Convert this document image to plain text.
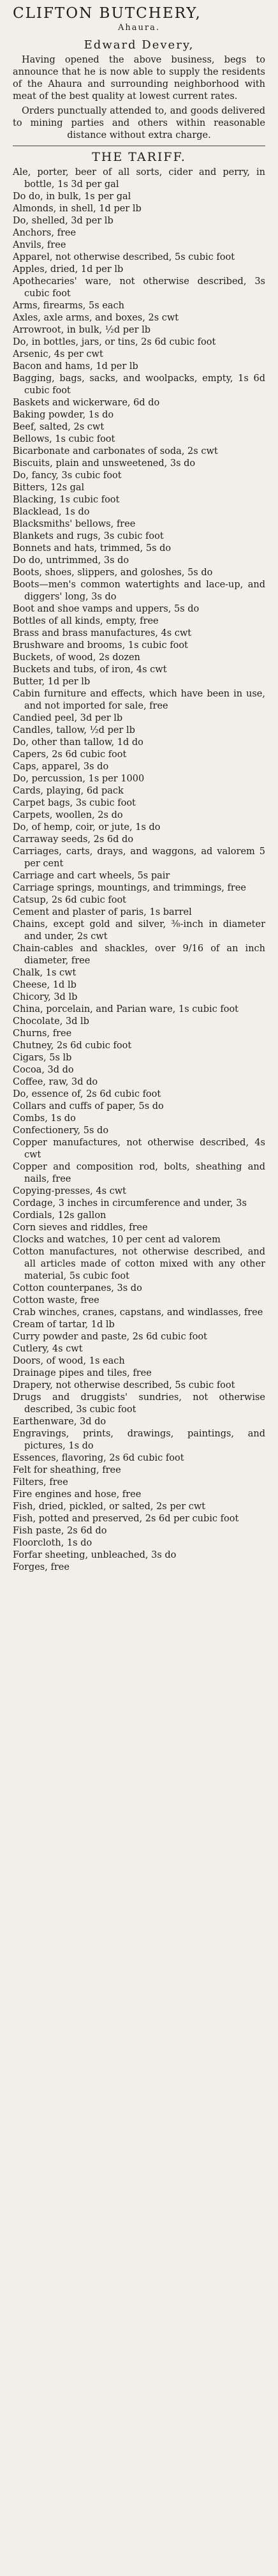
CLIFTON BUTCHERY,
Ahaura.
Edward Devery,
Having opened the above business, begs to announce that he is now able to supply the residents of the Ahaura and surrounding neighborhood with meat of the best quality at lowest current rates.
Orders punctually attended to, and goods delivered to mining parties and others within reasonable distance without extra charge.
THE TARIFF.
Ale, porter, beer of all sorts, cider and perry, in bottle, 1s 3d per gal
Do do, in bulk, 1s per gal
Almonds, in shell, 1d per lb
Do, shelled, 3d per lb
Anchors, free
Anvils, free
Apparel, not otherwise described, 5s cubic foot
Apples, dried, 1d per lb
Apothecaries' ware, not otherwise described, 3s cubic foot
Arms, firearms, 5s each
Axles, axle arms, and boxes, 2s cwt
Arrowroot, in bulk, ½d per lb
Do, in bottles, jars, or tins, 2s 6d cubic foot
Arsenic, 4s per cwt
Bacon and hams, 1d per lb
Bagging, bags, sacks, and woolpacks, empty, 1s 6d cubic foot
Baskets and wickerware, 6d do
Baking powder, 1s do
Beef, salted, 2s cwt
Bellows, 1s cubic foot
Bicarbonate and carbonates of soda, 2s cwt
Biscuits, plain and unsweetened, 3s do
Do, fancy, 3s cubic foot
Bitters, 12s gal
Blacking, 1s cubic foot
Blacklead, 1s do
Blacksmiths' bellows, free
Blankets and rugs, 3s cubic foot
Bonnets and hats, trimmed, 5s do
Do do, untrimmed, 3s do
Boots, shoes, slippers, and goloshes, 5s do
Boots—men's common watertights and lace-up, and diggers' long, 3s do
Boot and shoe vamps and uppers, 5s do
Bottles of all kinds, empty, free
Brass and brass manufactures, 4s cwt
Brushware and brooms, 1s cubic foot
Buckets, of wood, 2s dozen
Buckets and tubs, of iron, 4s cwt
Butter, 1d per lb
Cabin furniture and effects, which have been in use, and not imported for sale, free
Candied peel, 3d per lb
Candles, tallow, ½d per lb
Do, other than tallow, 1d do
Capers, 2s 6d cubic foot
Caps, apparel, 3s do
Do, percussion, 1s per 1000
Cards, playing, 6d pack
Carpet bags, 3s cubic foot
Carpets, woollen, 2s do
Do, of hemp, coir, or jute, 1s do
Carraway seeds, 2s 6d do
Carriages, carts, drays, and waggons, ad valorem 5 per cent
Carriage and cart wheels, 5s pair
Carriage springs, mountings, and trimmings, free
Catsup, 2s 6d cubic foot
Cement and plaster of paris, 1s barrel
Chains, except gold and silver, ⅜-inch in diameter and under, 2s cwt
Chain-cables and shackles, over 9/16 of an inch diameter, free
Chalk, 1s cwt
Cheese, 1d lb
Chicory, 3d lb
China, porcelain, and Parian ware, 1s cubic foot
Chocolate, 3d lb
Churns, free
Chutney, 2s 6d cubic foot
Cigars, 5s lb
Cocoa, 3d do
Coffee, raw, 3d do
Do, essence of, 2s 6d cubic foot
Collars and cuffs of paper, 5s do
Combs, 1s do
Confectionery, 5s do
Copper manufactures, not otherwise described, 4s cwt
Copper and composition rod, bolts, sheathing and nails, free
Copying-presses, 4s cwt
Cordage, 3 inches in circumference and under, 3s
Cordials, 12s gallon
Corn sieves and riddles, free
Clocks and watches, 10 per cent ad valorem
Cotton manufactures, not otherwise described, and all articles made of cotton mixed with any other material, 5s cubic foot
Cotton counterpanes, 3s do
Cotton waste, free
Crab winches, cranes, capstans, and windlasses, free
Cream of tartar, 1d lb
Curry powder and paste, 2s 6d cubic foot
Cutlery, 4s cwt
Doors, of wood, 1s each
Drainage pipes and tiles, free
Drapery, not otherwise described, 5s cubic foot
Drugs and druggists' sundries, not otherwise described, 3s cubic foot
Earthenware, 3d do
Engravings, prints, drawings, paintings, and pictures, 1s do
Essences, flavoring, 2s 6d cubic foot
Felt for sheathing, free
Filters, free
Fire engines and hose, free
Fish, dried, pickled, or salted, 2s per cwt
Fish, potted and preserved, 2s 6d per cubic foot
Fish paste, 2s 6d do
Floorcloth, 1s do
Forfar sheeting, unbleached, 3s do
Forges, free
